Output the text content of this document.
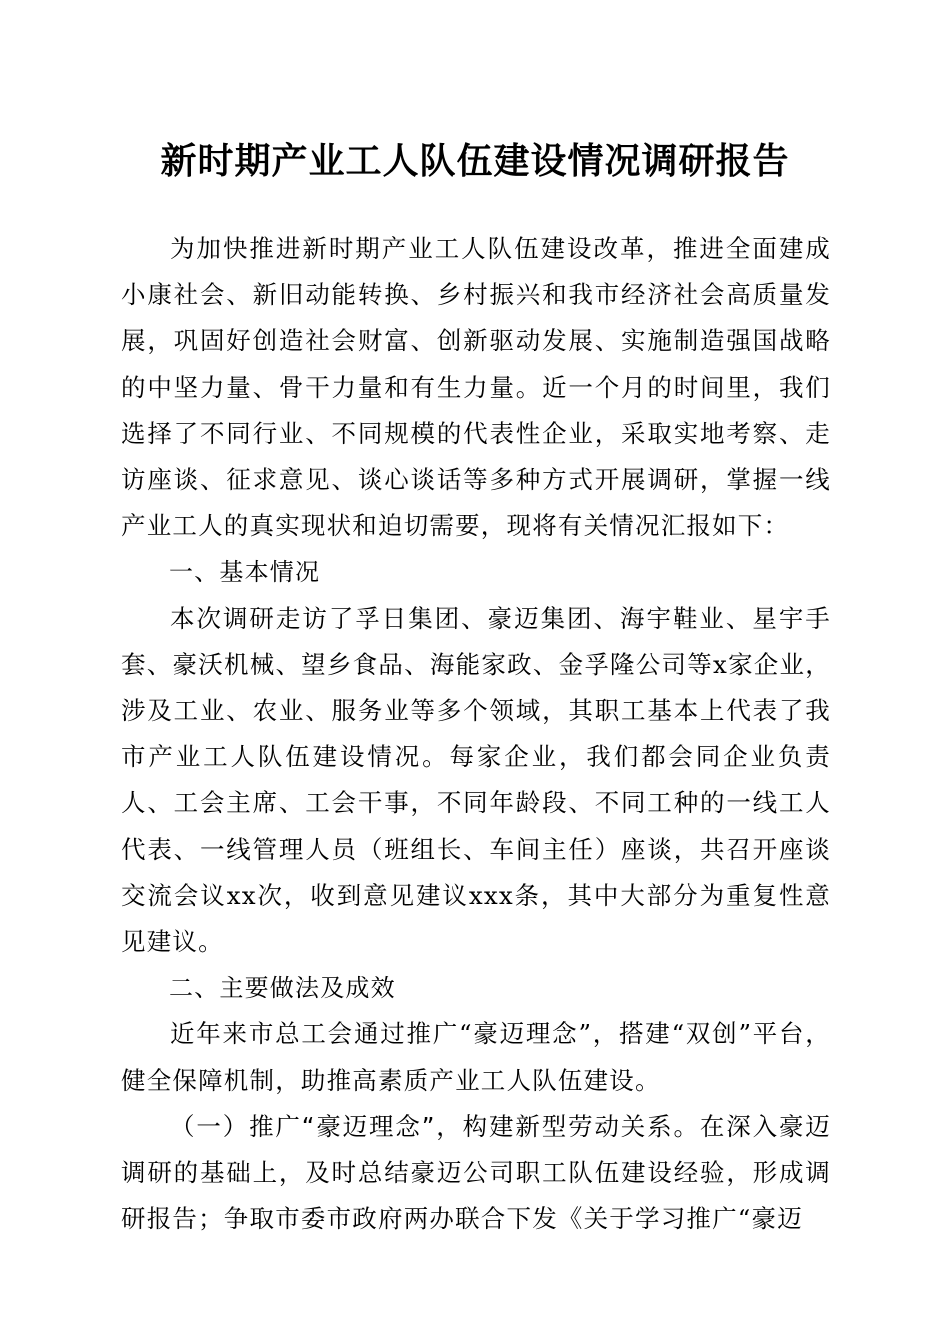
新时期产业工人队伍建设情况调研报告

为加快推进新时期产业工人队伍建设改革，推进全面建成小康社会、新旧动能转换、乡村振兴和我市经济社会高质量发展，巩固好创造社会财富、创新驱动发展、实施制造强国战略的中坚力量、骨干力量和有生力量。近一个月的时间里，我们选择了不同行业、不同规模的代表性企业，采取实地考察、走访座谈、征求意见、谈心谈话等多种方式开展调研，掌握一线产业工人的真实现状和迫切需要，现将有关情况汇报如下：

一、基本情况

本次调研走访了孚日集团、豪迈集团、海宇鞋业、星宇手套、豪沃机械、望乡食品、海能家政、金孚隆公司等x家企业，涉及工业、农业、服务业等多个领域，其职工基本上代表了我市产业工人队伍建设情况。每家企业，我们都会同企业负责人、工会主席、工会干事，不同年龄段、不同工种的一线工人代表、一线管理人员（班组长、车间主任）座谈，共召开座谈交流会议xx次，收到意见建议xxx条，其中大部分为重复性意见建议。

二、主要做法及成效

近年来市总工会通过推广“豪迈理念”，搭建“双创”平台，健全保障机制，助推高素质产业工人队伍建设。

（一）推广“豪迈理念”，构建新型劳动关系。在深入豪迈调研的基础上，及时总结豪迈公司职工队伍建设经验，形成调研报告；争取市委市政府两办联合下发《关于学习推广“豪迈
